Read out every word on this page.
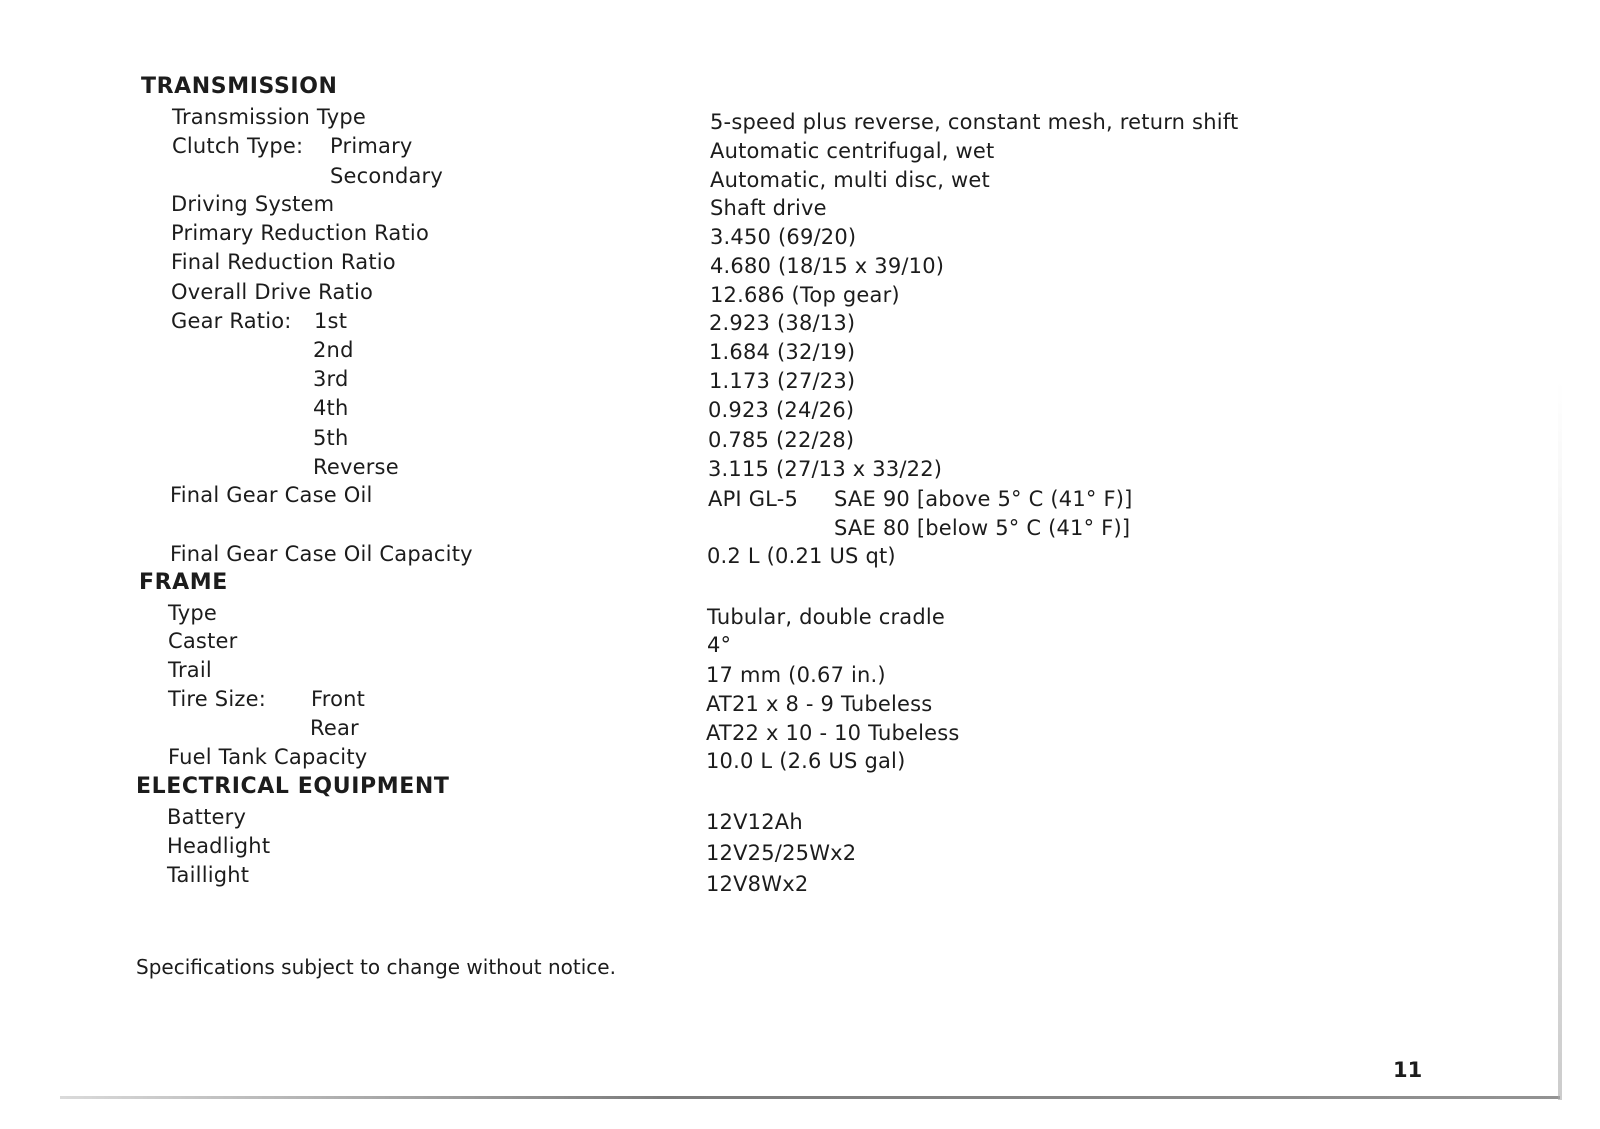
TRANSMISSION
Transmission Type	5-speed plus reverse, constant mesh, return shift
Clutch Type: Primary	Automatic centrifugal, wet
Secondary	Automatic, multi disc, wet
Driving System	Shaft drive
Primary Reduction Ratio	3.450 (69/20)
Final Reduction Ratio	4.680 (18/15 x 39/10)
Overall Drive Ratio	12.686 (Top gear)
Gear Ratio: 1st	2.923 (38/13)
2nd	1.684 (32/19)
3rd	1.173 (27/23)
4th	0.923 (24/26)
5th	0.785 (22/28)
Reverse	3.115 (27/13 x 33/22)
Final Gear Case Oil	API GL-5 SAE 90 [above 5° C (41° F)]
SAE 80 [below 5° C (41° F)]
Final Gear Case Oil Capacity	0.2 L (0.21 US qt)
FRAME
Type	Tubular, double cradle
Caster	4°
Trail	17 mm (0.67 in.)
Tire Size: Front	AT21 x 8 - 9 Tubeless
Rear	AT22 x 10 - 10 Tubeless
Fuel Tank Capacity	10.0 L (2.6 US gal)
ELECTRICAL EQUIPMENT
Battery	12V12Ah
Headlight	12V25/25Wx2
Taillight	12V8Wx2
Specifications subject to change without notice.
11
